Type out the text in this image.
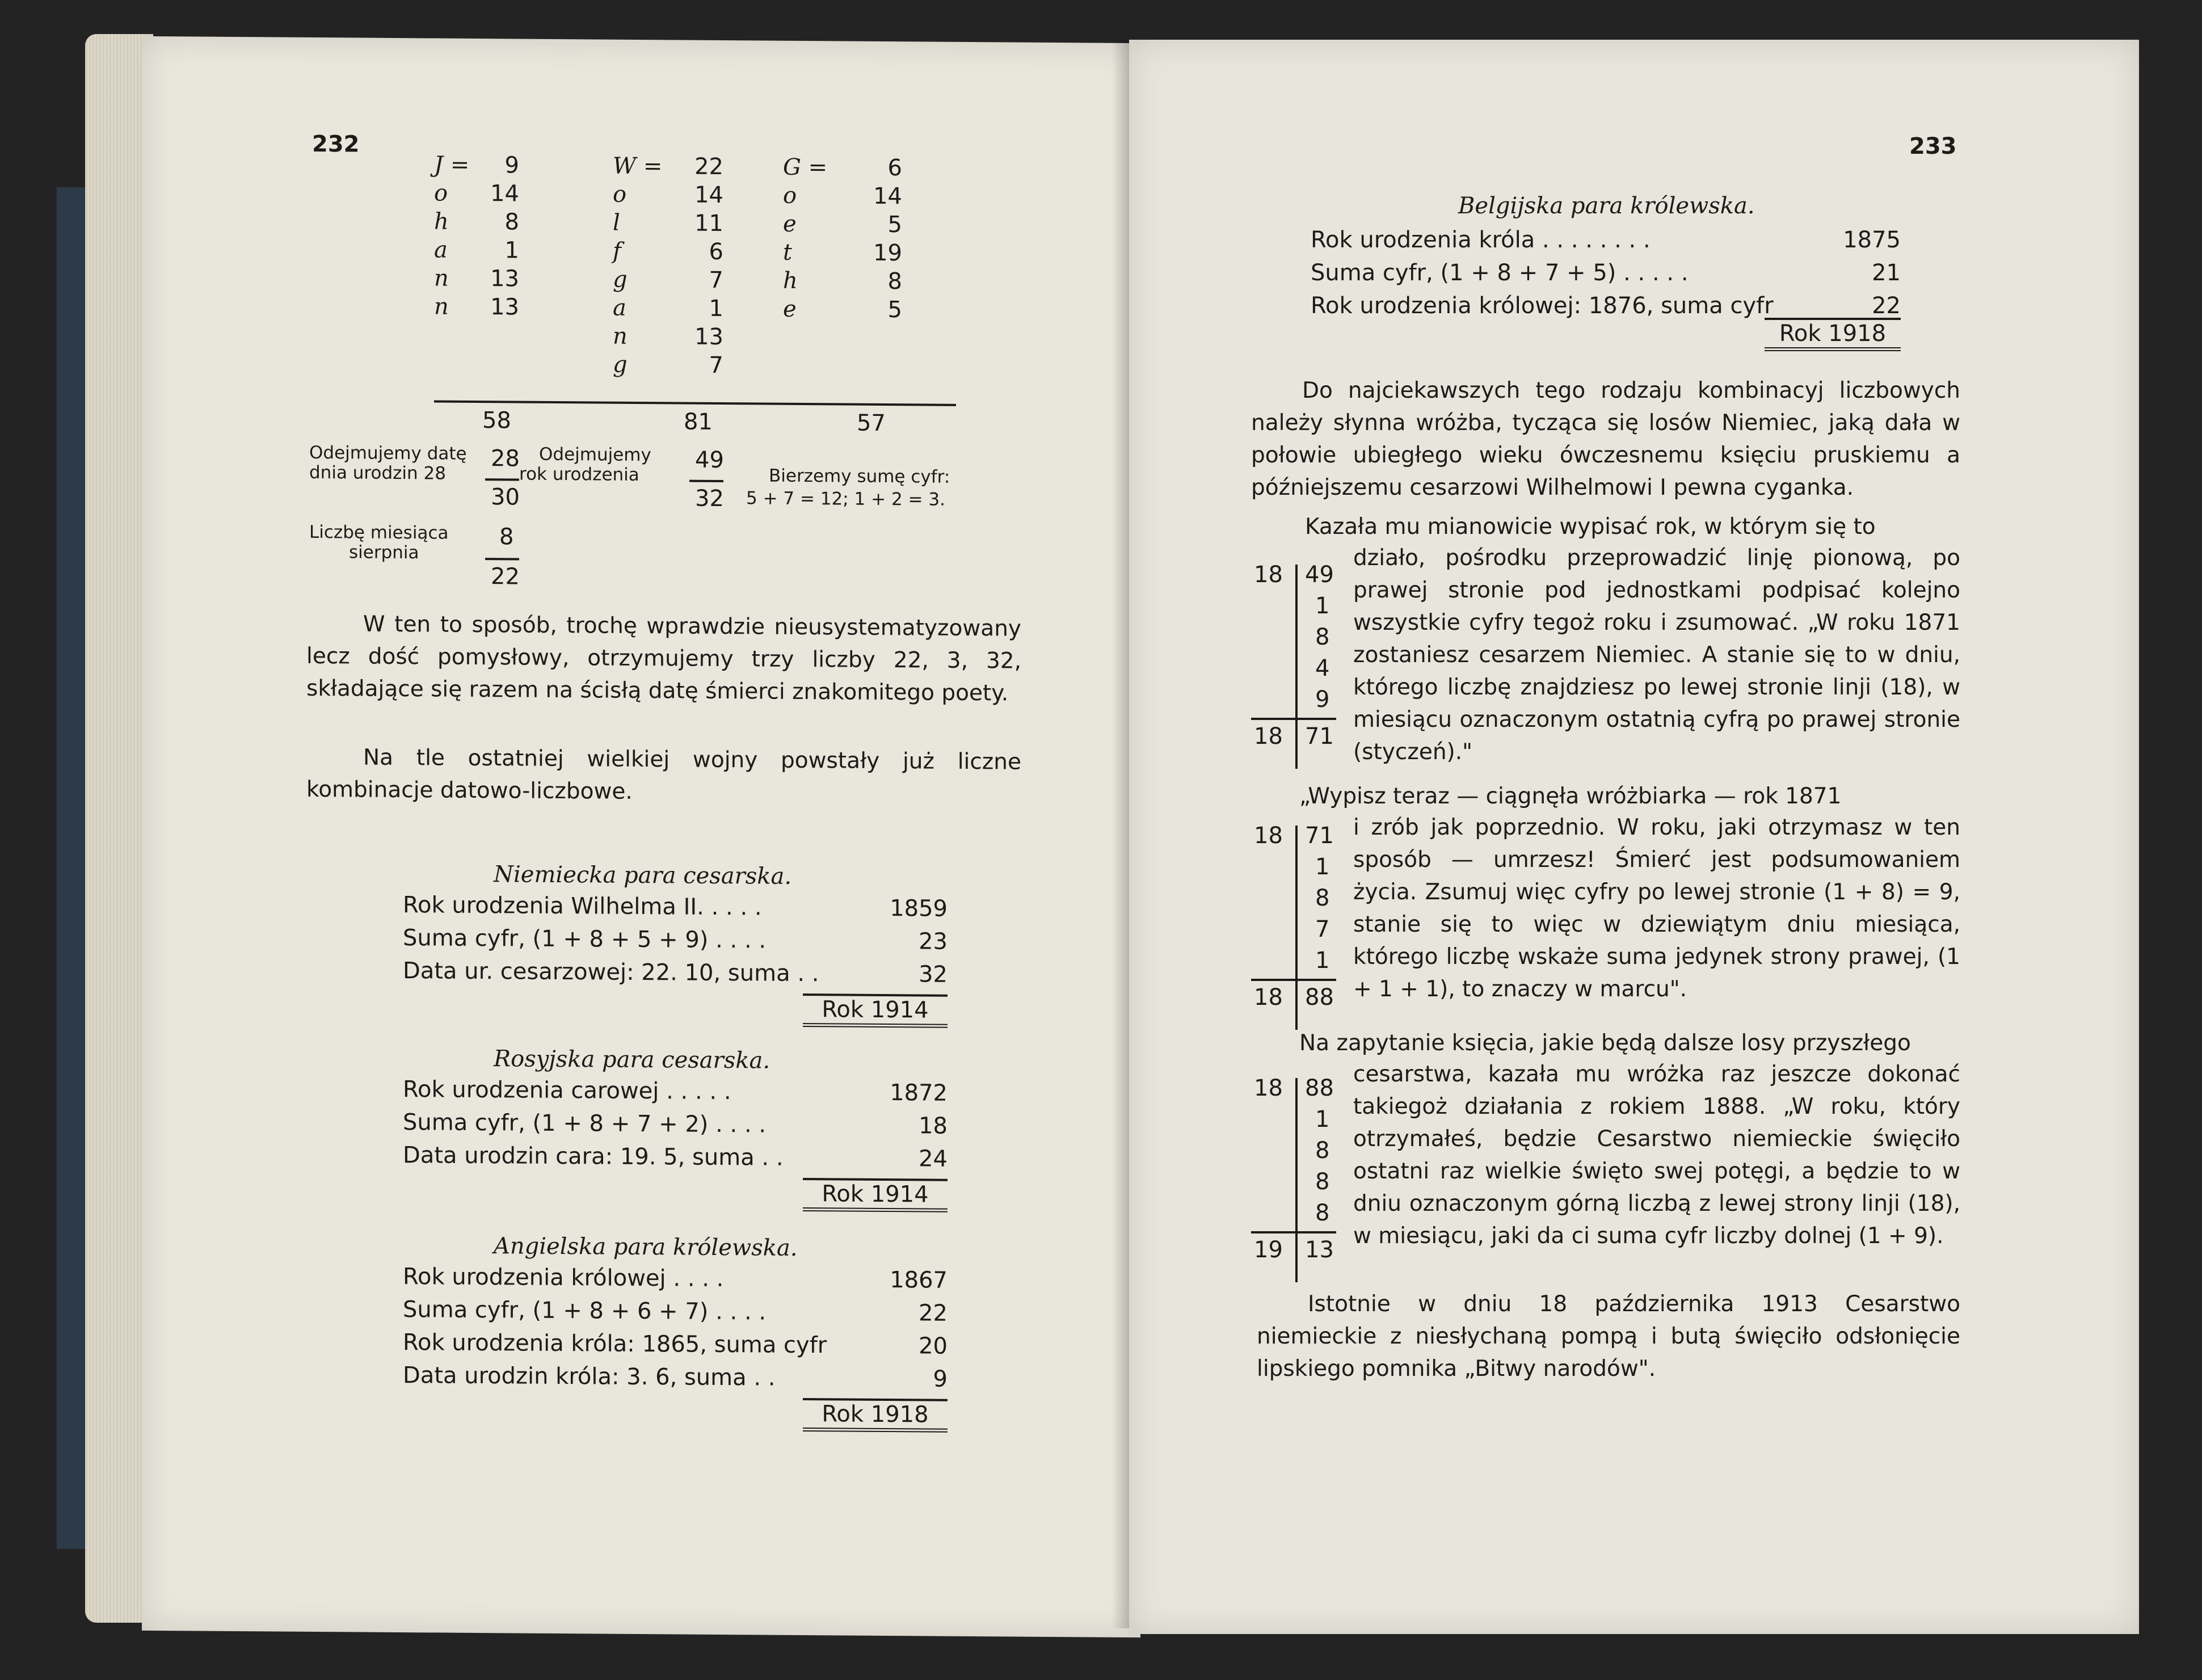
232
J =	9
o	14
h	8
a	1
n	13
n	13
W =	22
o	14
l	11
f	6
g	7
a	1
n	13
g	7
G =	6
o	14
e	5
t	19
h	8
e	5
58	81	57
Odejmujemy datę
dnia urodzin 28
28
30
Odejmujemy
rok urodzenia
49
32
Bierzemy sumę cyfr:
5 + 7 = 12; 1 + 2 = 3.
Liczbę miesiąca
sierpnia
8
22
W ten to sposób, trochę wprawdzie nieusystematyzowany lecz dość pomysłowy, otrzymujemy trzy liczby 22, 3, 32, składające się razem na ścisłą datę śmierci znakomitego poety.
Na tle ostatniej wielkiej wojny powstały już liczne kombinacje datowo-liczbowe.
Niemiecka para cesarska.
Rok urodzenia Wilhelma II. . . . .	1859
Suma cyfr, (1 + 8 + 5 + 9) . . . .	23
Data ur. cesarzowej: 22. 10, suma . .	32
Rok 1914
Rosyjska para cesarska.
Rok urodzenia carowej . . . . .	1872
Suma cyfr, (1 + 8 + 7 + 2) . . . .	18
Data urodzin cara: 19. 5, suma . .	24
Rok 1914
Angielska para królewska.
Rok urodzenia królowej . . . .	1867
Suma cyfr, (1 + 8 + 6 + 7) . . . .	22
Rok urodzenia króla: 1865, suma cyfr	20
Data urodzin króla: 3. 6, suma . .	9
Rok 1918
233
Belgijska para królewska.
Rok urodzenia króla . . . . . . . .	1875
Suma cyfr, (1 + 8 + 7 + 5) . . . . .	21
Rok urodzenia królowej: 1876, suma cyfr	22
Rok 1918
Do najciekawszych tego rodzaju kombinacyj liczbowych należy słynna wróżba, tycząca się losów Niemiec, jaką dała w połowie ubiegłego wieku ówczesnemu księciu pruskiemu a późniejszemu cesarzowi Wilhelmowi I pewna cyganka.
Kazała mu mianowicie wypisać rok, w którym się to
działo, pośrodku przeprowadzić linję pionową, po prawej stronie pod jednostkami podpisać kolejno wszystkie cyfry tegoż roku i zsumować. „W roku 1871 zostaniesz cesarzem Niemiec. A stanie się to w dniu, którego liczbę znajdziesz po lewej stronie linji (18), w miesiącu oznaczonym ostatnią cyfrą po prawej stronie (styczeń)."
„Wypisz teraz — ciągnęła wróżbiarka — rok 1871
i zrób jak poprzednio. W roku, jaki otrzymasz w ten sposób — umrzesz! Śmierć jest podsumowaniem życia. Zsumuj więc cyfry po lewej stronie (1 + 8) = 9, stanie się to więc w dziewiątym dniu miesiąca, którego liczbę wskaże suma jedynek strony prawej, (1 + 1 + 1), to znaczy w marcu".
Na zapytanie księcia, jakie będą dalsze losy przyszłego
cesarstwa, kazała mu wróżka raz jeszcze dokonać takiegoż działania z rokiem 1888. „W roku, który otrzymałeś, będzie Cesarstwo niemieckie święciło ostatni raz wielkie święto swej potęgi, a będzie to w dniu oznaczonym górną liczbą z lewej strony linji (18), w miesiącu, jaki da ci suma cyfr liczby dolnej (1 + 9).
Istotnie w dniu 18 października 1913 Cesarstwo niemieckie z niesłychaną pompą i butą święciło odsłonięcie lipskiego pomnika „Bitwy narodów".
18 49
1
8
4
9
18 71
18 71
1
8
7
1
18 88
18 88
1
8
8
8
19 13
